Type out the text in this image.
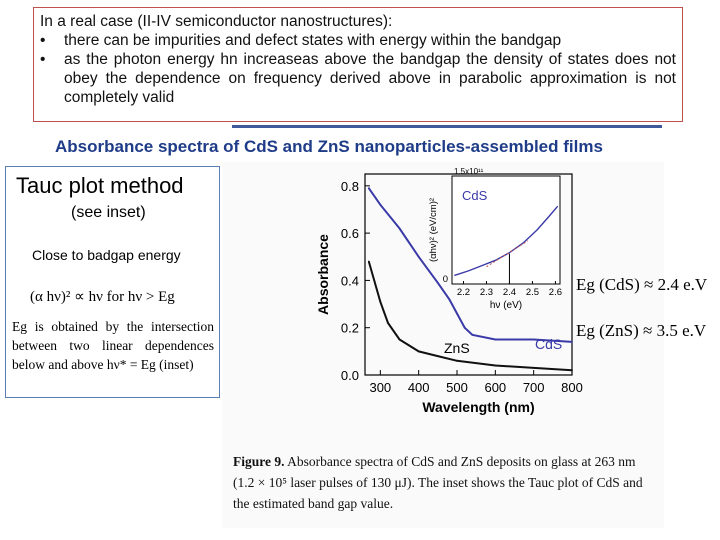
In a real case (II-IV semiconductor nanostructures):

• there can be impurities and defect states with energy within the bandgap
• as the photon energy hn increaseas above the bandgap the density of states does not obey the dependence on frequency derived above in parabolic approximation is not completely valid
Absorbance spectra of CdS and ZnS nanoparticles-assembled films
Tauc plot method
(see inset)
Close to badgap energy
(α hν)² ∝ hν for hν > Eg
Eg is obtained by the intersection between two linear dependences below and above hν* = Eg (inset)
0.0
0.2
0.4
0.6
0.8
300 400 500 600 700 800
Absorbance
Wavelength (nm)
CdS
ZnS
2.2 2.3 2.4 2.5 2.6
0
1.5x10¹¹
CdS
(αhν)² (eV/cm)²
hν (eV)
Figure 9. Absorbance spectra of CdS and ZnS deposits on glass at 263 nm (1.2 × 10⁵ laser pulses of 130 μJ). The inset shows the Tauc plot of CdS and the estimated band gap value.
Eg (CdS) ≈ 2.4 e.V
Eg (ZnS) ≈ 3.5 e.V
